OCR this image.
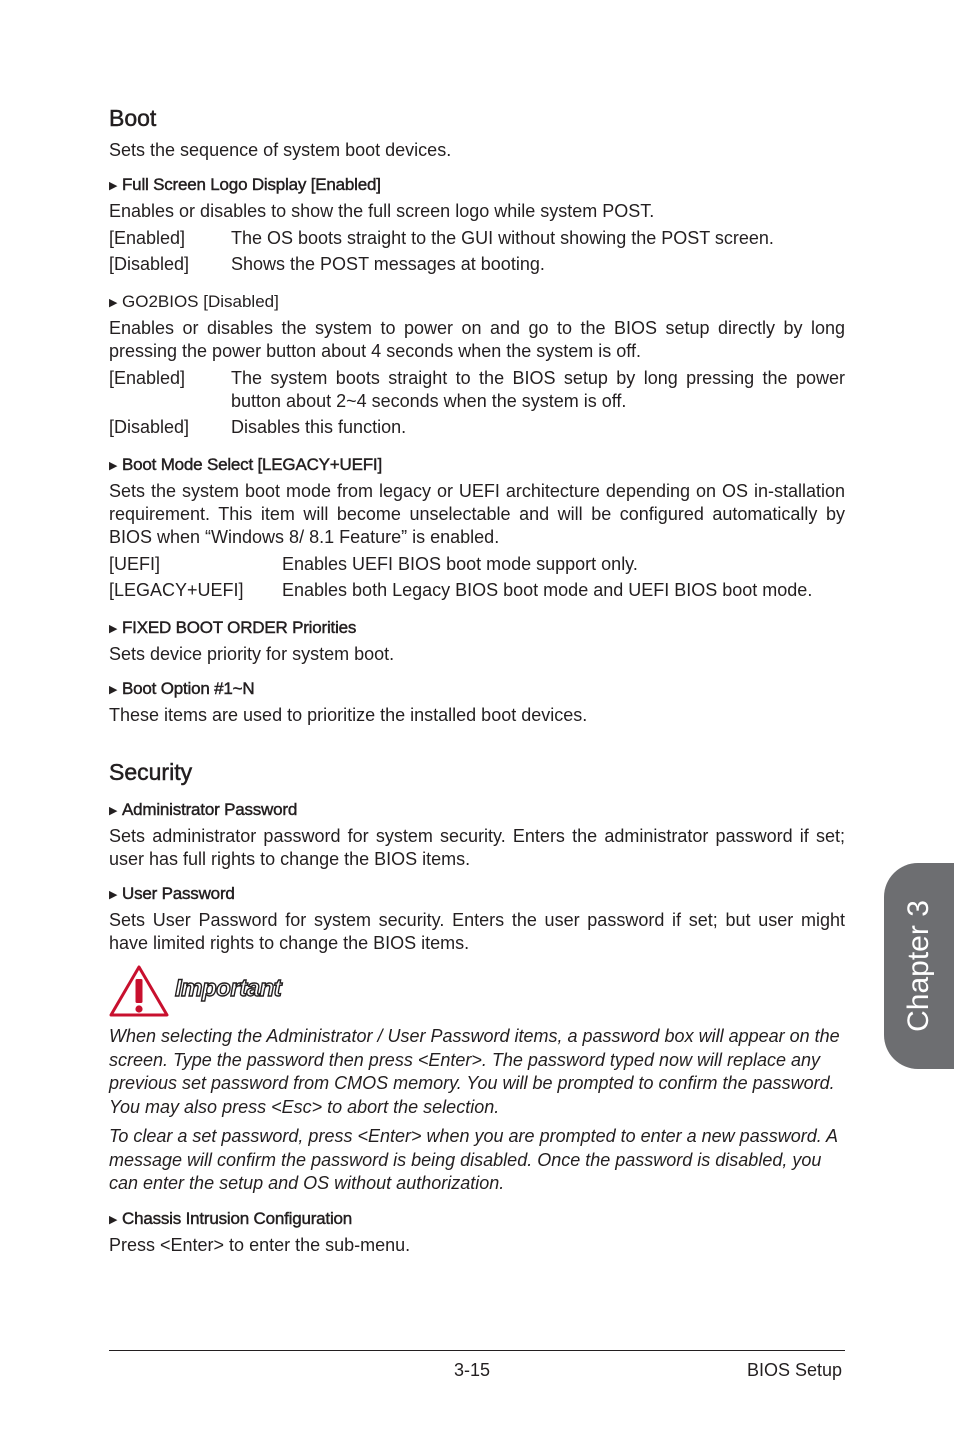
Boot

Sets the sequence of system boot devices.

▶ Full Screen Logo Display [Enabled]

Enables or disables to show the full screen logo while system POST.

[Enabled]	The OS boots straight to the GUI without showing the POST screen.
[Disabled]	Shows the POST messages at booting.
▶ GO2BIOS [Disabled]

Enables or disables the system to power on and go to the BIOS setup directly by long pressing the power button about 4 seconds when the system is off.

[Enabled]	The system boots straight to the BIOS setup by long pressing the power button about 2~4 seconds when the system is off.
[Disabled]	Disables this function.
▶ Boot Mode Select [LEGACY+UEFI]

Sets the system boot mode from legacy or UEFI architecture depending on OS in-stallation requirement. This item will become unselectable and will be configured automatically by BIOS when “Windows 8/ 8.1 Feature” is enabled.

[UEFI]	Enables UEFI BIOS boot mode support only.
[LEGACY+UEFI]	Enables both Legacy BIOS boot mode and UEFI BIOS boot mode.
▶ FIXED BOOT ORDER Priorities

Sets device priority for system boot.

▶ Boot Option #1~N

These items are used to prioritize the installed boot devices.

Security
▶ Administrator Password

Sets administrator password for system security. Enters the administrator password if set; user has full rights to change the BIOS items.

▶ User Password

Sets User Password for system security. Enters the user password if set; but user might have limited rights to change the BIOS items.

Important

When selecting the Administrator / User Password items, a password box will appear on the screen. Type the password then press <Enter>. The password typed now will replace any previous set password from CMOS memory. You will be prompted to confirm the password. You may also press <Esc> to abort the selection.

To clear a set password, press <Enter> when you are prompted to enter a new password. A message will confirm the password is being disabled. Once the password is disabled, you can enter the setup and OS without authorization.

▶ Chassis Intrusion Configuration

Press <Enter> to enter the sub-menu.

3-15	BIOS Setup
Chapter 3
